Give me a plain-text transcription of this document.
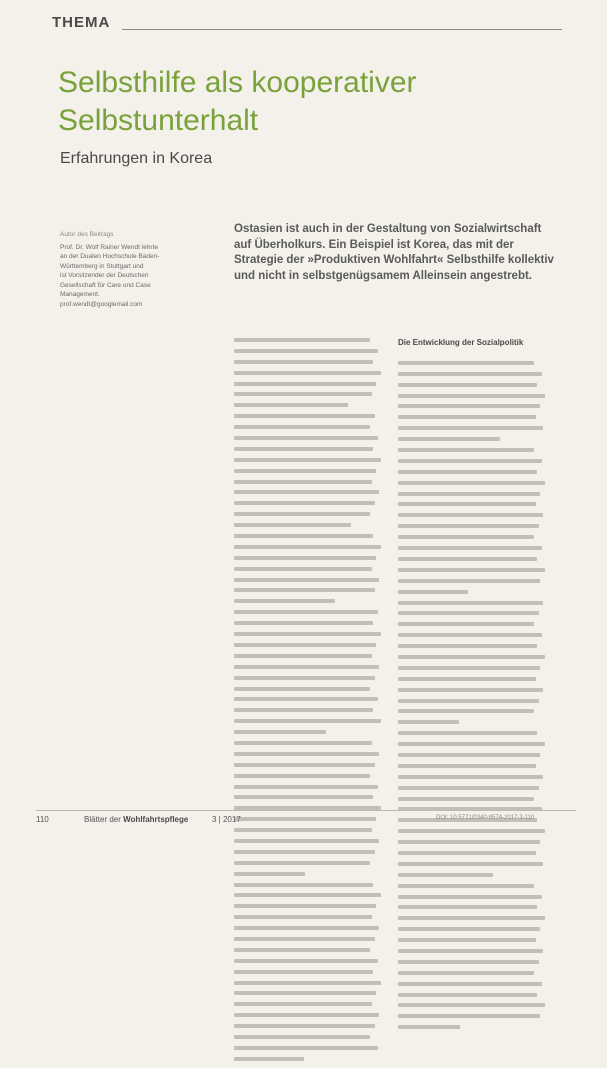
THEMA
Selbsthilfe als kooperativer
Selbstunterhalt
Erfahrungen in Korea
Autor des Beitrags
Prof. Dr. Wolf Rainer Wendt lehrte
an der Dualen Hochschule Baden-
Württemberg in Stuttgart und
ist Vorsitzender der Deutschen
Gesellschaft für Care und Case
Management.
prof.wendt@googlemail.com
Ostasien ist auch in der Gestaltung von Sozialwirtschaft auf Überholkurs. Ein Beispiel ist Korea, das mit der Strategie der »Produktiven Wohlfahrt« Selbsthilfe kollektiv und nicht in selbstgenügsamem Alleinsein angestrebt.
Die Entwicklung der Sozialpolitik
110	Blätter der Wohlfahrtspflege	3 | 2017	DOI: 10.5771/0340-8574-2017-3-110
